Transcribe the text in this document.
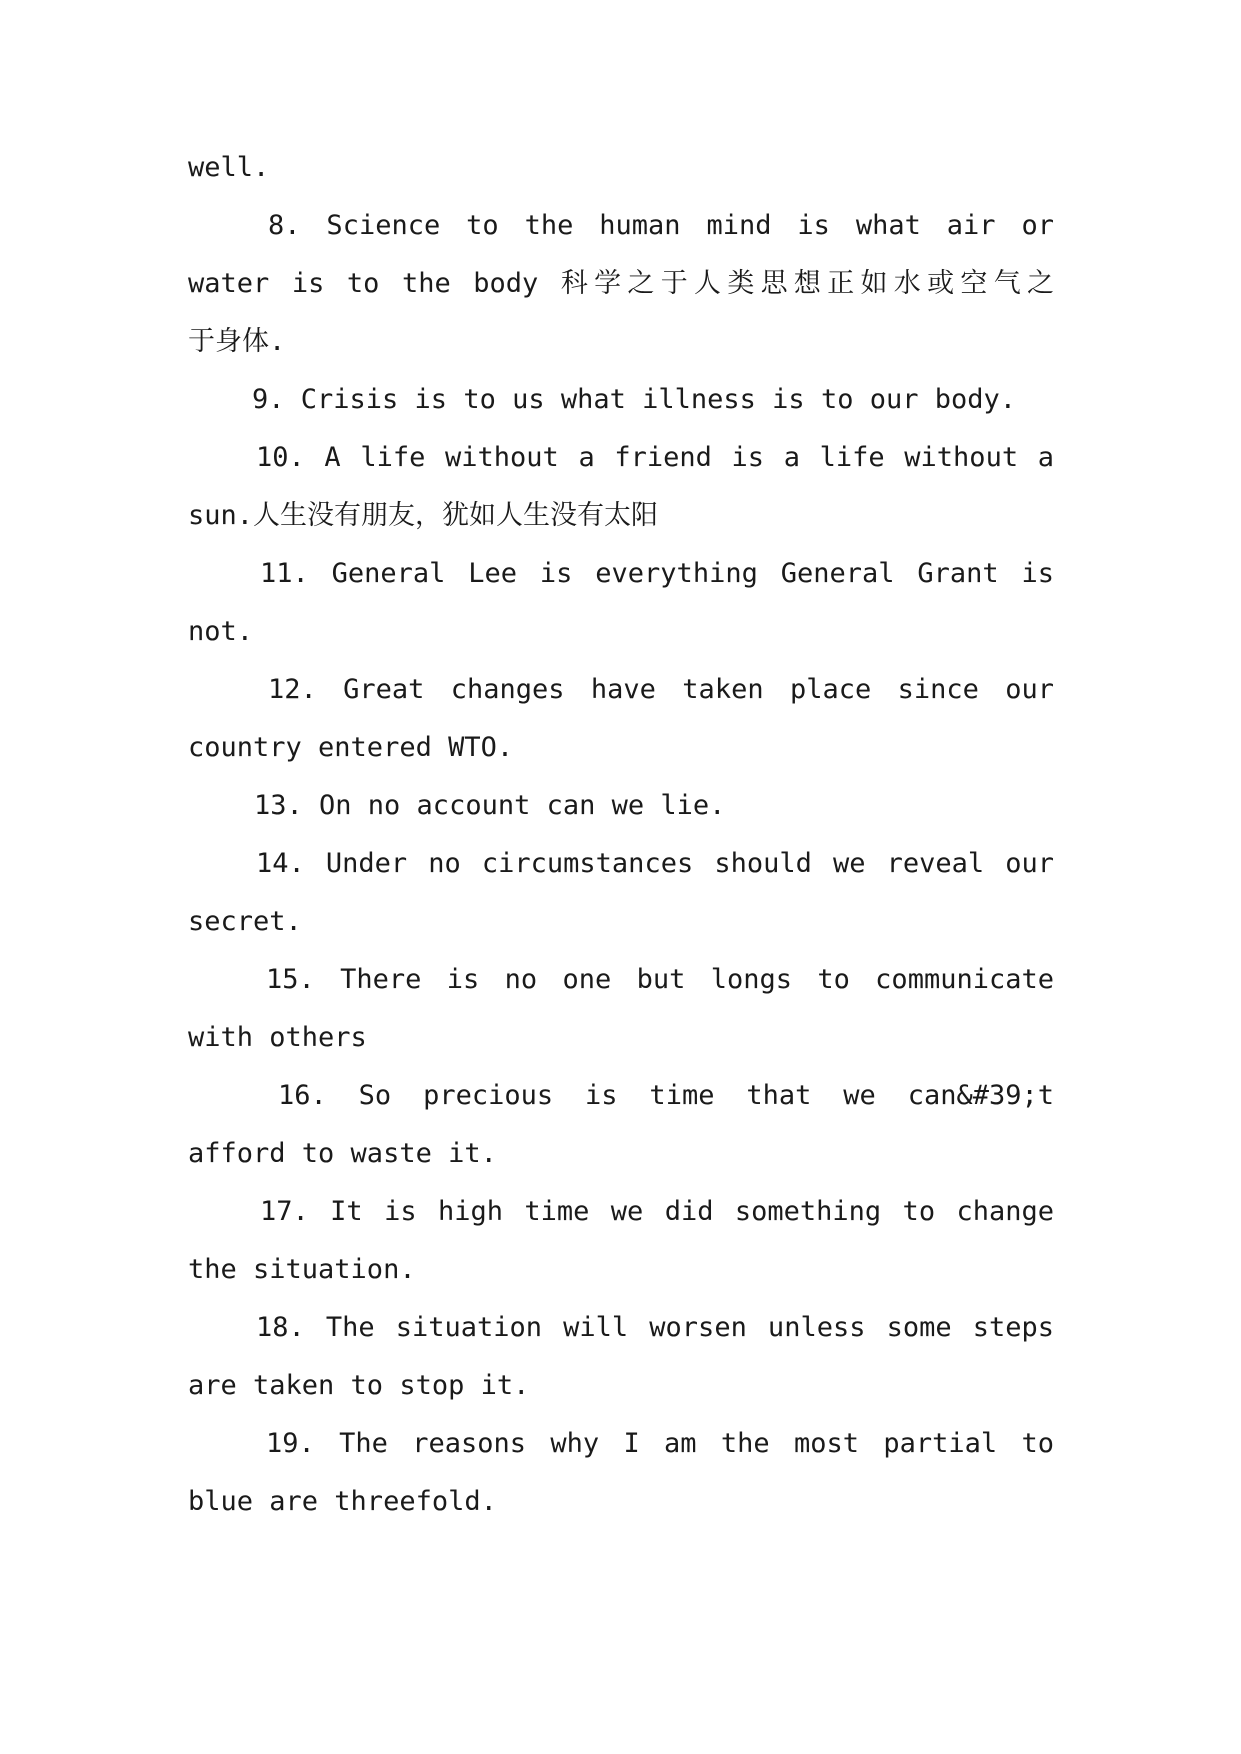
well.
8. Science to the human mind is what air or
water is to the body 科学之于人类思想正如水或空气之
于身体.
9. Crisis is to us what illness is to our body.
10. A life without a friend is a life without a
sun.人生没有朋友，犹如人生没有太阳
11. General Lee is everything General Grant is
not.
12. Great changes have taken place since our
country entered WTO.
13. On no account can we lie.
14. Under no circumstances should we reveal our
secret.
15. There is no one but longs to communicate
with others
16. So precious is time that we can&#39;t
afford to waste it.
17. It is high time we did something to change
the situation.
18. The situation will worsen unless some steps
are taken to stop it.
19. The reasons why I am the most partial to
blue are threefold.
